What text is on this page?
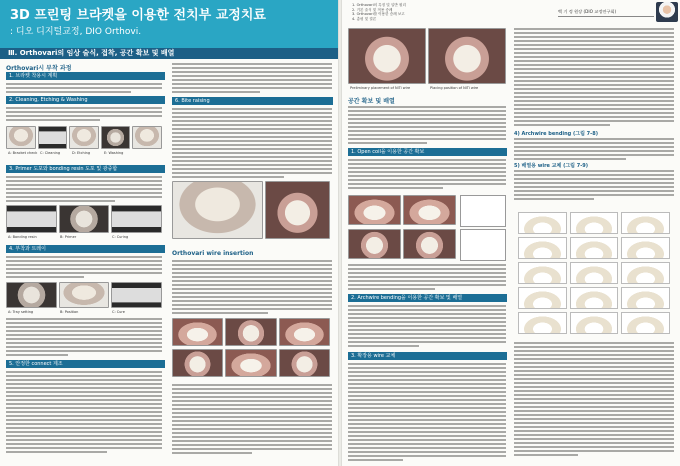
3D 프린팅 브라켓을 이용한 전치부 교정치료
: 디오 디지털교정, DIO Orthovi.
Ⅲ. Orthovari의 임상 술식, 접착, 공간 확보 및 배열
Orthovari시 부착 과정
1. 브라켓 착용시 계획
2. Cleaning, Etching & Washing
A: Bracket check C: Cleaning	D: Etching	E: Washing
3. Primer 도포와 bonding resin 도포 및 광중합
A: Bonding resin	B: Primer	C: Curing
4. 부착과 트레이
A: Tray setting	B: Position	C: Cure
5. 안정한 connect 제조
6. Bite raising
Orthovari wire insertion
1. Orthovari의 특징 및 일반 원리
2. 기본 술식 및 적용 증례
3. Orthovari를 이용한 증례 보고
4. 총평 및 결론
백 기 정 원장 (DIO 교정연구회)
Preliminary placement of NiTi wire	Placing position of NiTi wire
공간 확보 및 배열
1. Open coil을 이용한 공간 확보
2. Archwire bending을 이용한 공간 확보 및 배열
3. 확장용 wire 교체
4) Archwire bending (그림 7-8)
5) 배열용 wire 교체 (그림 7-9)
